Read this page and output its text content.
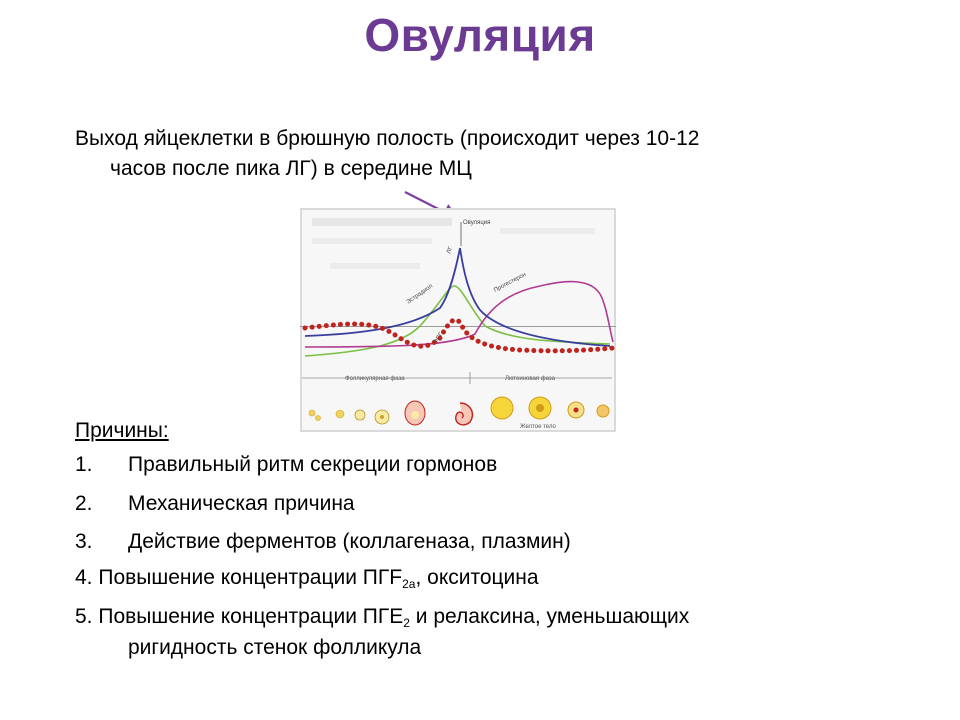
Овуляция
Выход яйцеклетки в брюшную полость (происходит через 10-12
часов после пика ЛГ) в середине МЦ
Овуляция
ЛГ
Эстрадиол
ФСГ
Прогестерон
Фолликулярная фаза	Лютеиновая фаза
Желтое тело
Причины:
1. Правильный ритм секреции гормонов
2. Механическая причина
3. Действие ферментов (коллагеназа, плазмин)
4. Повышение концентрации $ПГF_{2a}$, окситоцина
5. Повышение концентрации $ПГЕ_2$ и релаксина, уменьшающих
ригидность стенок фолликула
